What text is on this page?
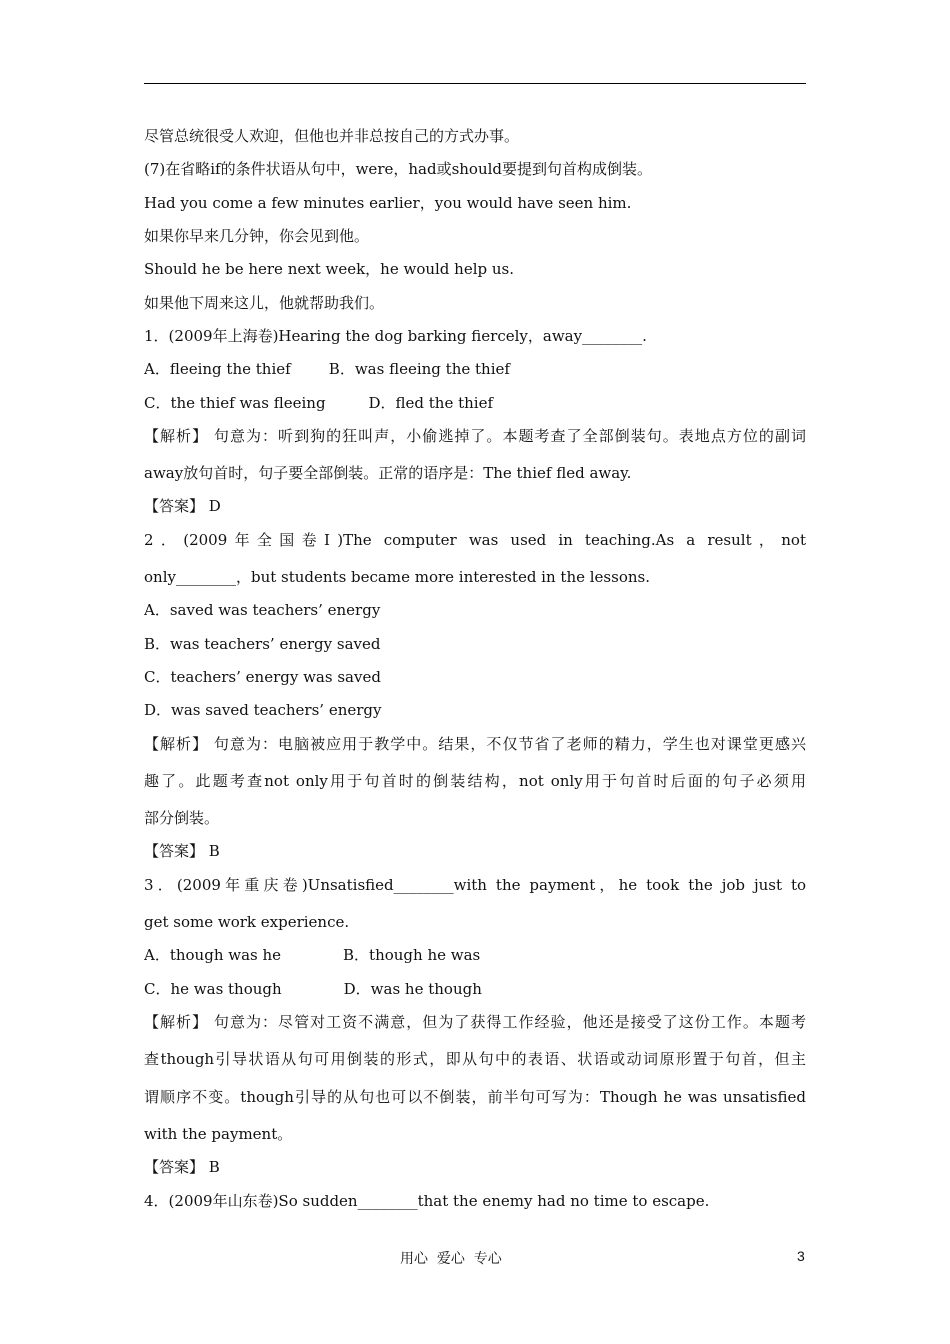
尽管总统很受人欢迎，但他也并非总按自己的方式办事。
(7)在省略if的条件状语从句中，were，had或should要提到句首构成倒装。
Had you come a few minutes earlier，you would have seen him.
如果你早来几分钟，你会见到他。
Should he be here next week，he would help us.
如果他下周来这儿，他就帮助我们。
1．(2009年上海卷)Hearing the dog barking fiercely，away________.
A．fleeing the thief        B．was fleeing the thief
C．the thief was fleeing         D．fled the thief
【解析】 句意为：听到狗的狂叫声，小偷逃掉了。本题考查了全部倒装句。表地点方位的副词
away放句首时，句子要全部倒装。正常的语序是：The thief fled away.
【答案】 D
2．(2009年全国卷Ⅰ)The computer was used in teaching.As a result，not
only________，but students became more interested in the lessons.
A．saved was teachers’ energy
B．was teachers’ energy saved
C．teachers’ energy was saved
D．was saved teachers’ energy
【解析】 句意为：电脑被应用于教学中。结果，不仅节省了老师的精力，学生也对课堂更感兴
趣了。此题考查not only用于句首时的倒装结构，not only用于句首时后面的句子必须用
部分倒装。
【答案】 B
3．(2009年重庆卷)Unsatisfied________with the payment，he took the job just to
get some work experience.
A．though was he             B．though he was
C．he was though             D．was he though
【解析】 句意为：尽管对工资不满意，但为了获得工作经验，他还是接受了这份工作。本题考
查though引导状语从句可用倒装的形式，即从句中的表语、状语或动词原形置于句首，但主
谓顺序不变。though引导的从句也可以不倒装，前半句可写为：Though he was unsatisfied
with the payment。
【答案】 B
4．(2009年山东卷)So sudden________that the enemy had no time to escape.
用心  爱心  专心	3
